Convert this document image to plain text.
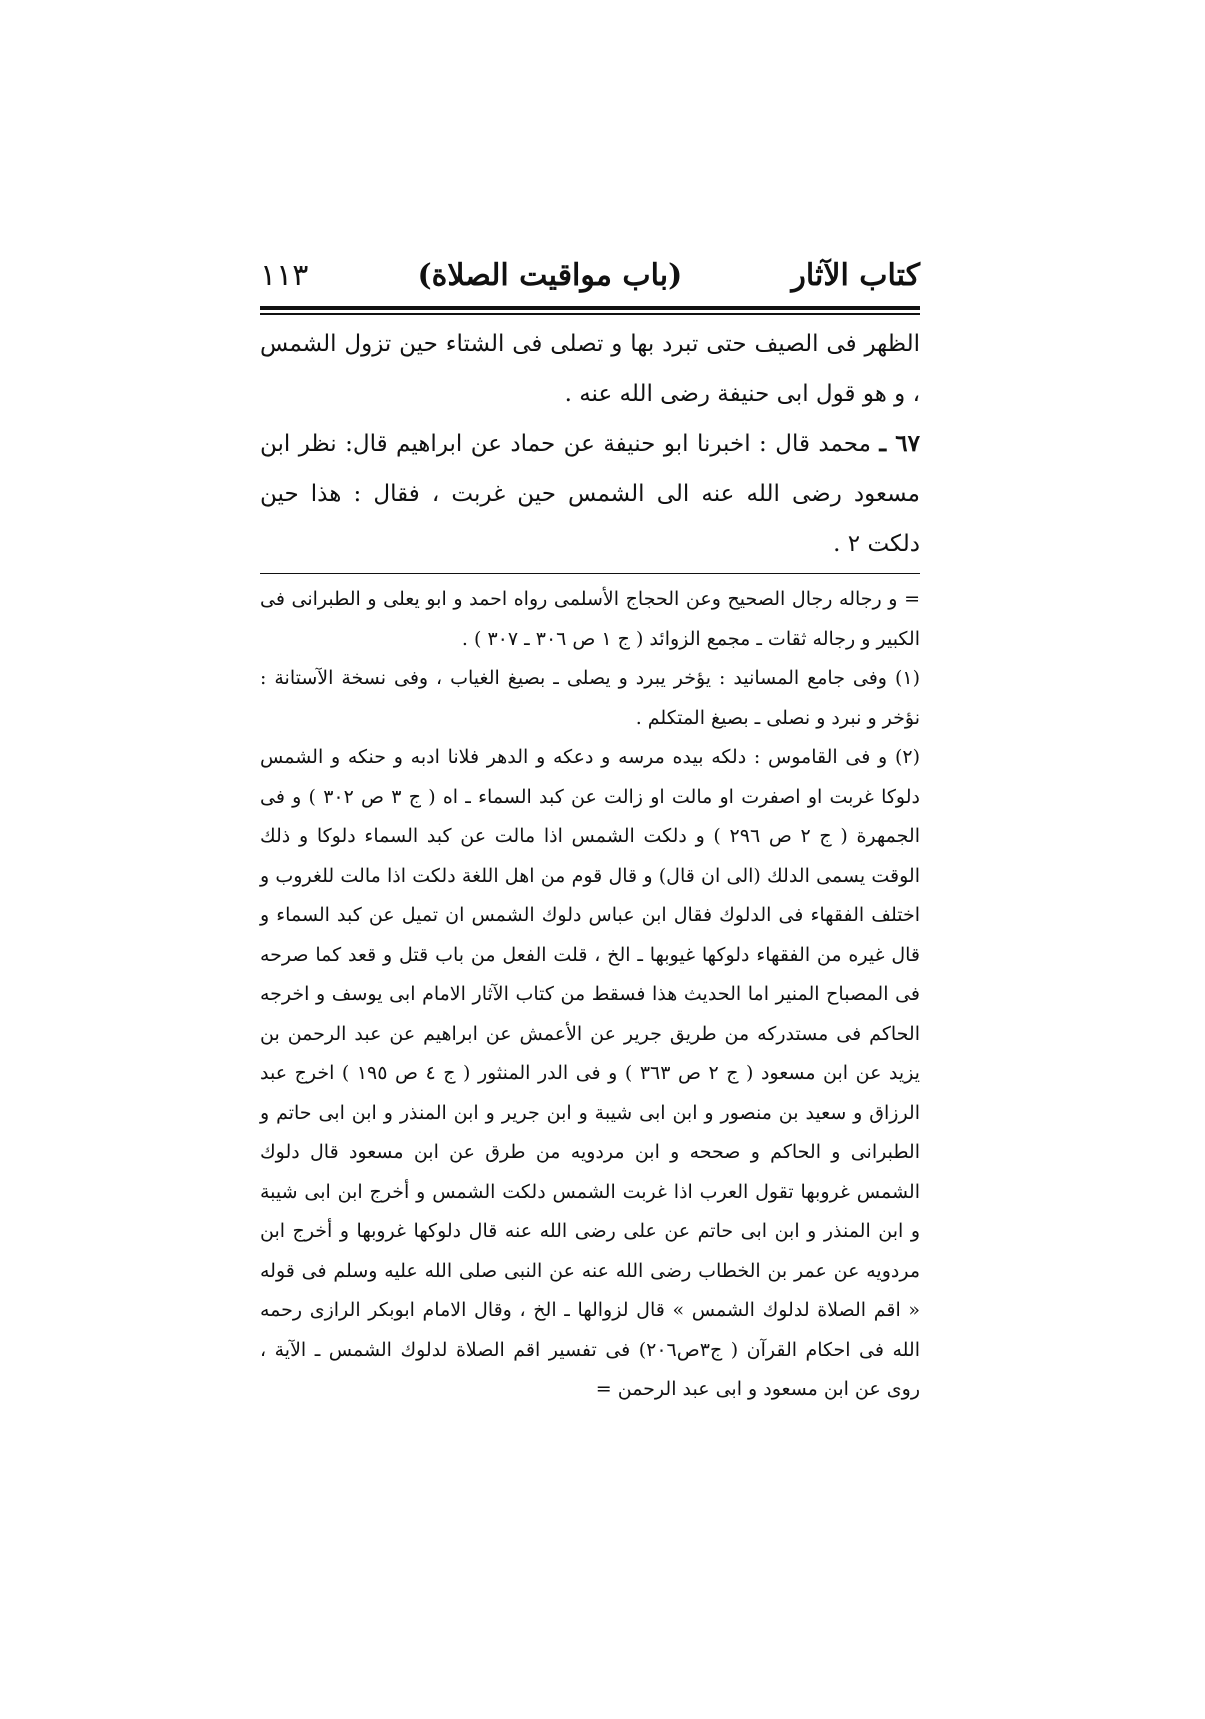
كتاب الآثار
(باب مواقيت الصلاة)
١١٣

الظهر فی الصیف حتی تبرد بها و تصلی فی الشتاء حین تزول الشمس ، و هو قول ابی حنیفة رضی الله عنه .

٦٧ ـ محمد قال : اخبرنا ابو حنیفة عن حماد عن ابراهیم قال: نظر ابن مسعود رضی الله عنه الی الشمس حین غربت ، فقال : هذا حین دلکت ٢ .

= و رجاله رجال الصحیح وعن الحجاج الأسلمی رواه احمد و ابو یعلی و الطبرانی فی الکبیر و رجاله ثقات ـ مجمع الزوائد ( ج ١ ص ٣٠٦ ـ ٣٠٧ ) .

(١) وفی جامع المسانید : یؤخر یبرد و یصلی ـ بصیغ الغیاب ، وفی نسخة الآستانة : نؤخر و نبرد و نصلی ـ بصیغ المتکلم .

(٢) و فی القاموس : دلکه بیده مرسه و دعکه و الدهر فلانا ادبه و حنکه و الشمس دلوکا غربت او اصفرت او مالت او زالت عن کبد السماء ـ اه ( ج ٣ ص ٣٠٢ ) و فی الجمهرة ( ج ٢ ص ٢٩٦ ) و دلکت الشمس اذا مالت عن کبد السماء دلوکا و ذلك الوقت یسمی الدلك (الی ان قال) و قال قوم من اهل اللغة دلکت اذا مالت للغروب و اختلف الفقهاء فی الدلوك فقال ابن عباس دلوك الشمس ان تمیل عن کبد السماء و قال غیره من الفقهاء دلوکها غیوبها ـ الخ ، قلت الفعل من باب قتل و قعد کما صرحه فی المصباح المنیر اما الحدیث هذا فسقط من کتاب الآثار الامام ابی یوسف و اخرجه الحاکم فی مستدرکه من طریق جریر عن الأعمش عن ابراهیم عن عبد الرحمن بن یزید عن ابن مسعود ( ج ٢ ص ٣٦٣ ) و فی الدر المنثور ( ج ٤ ص ١٩٥ ) اخرج عبد الرزاق و سعید بن منصور و ابن ابی شیبة و ابن جریر و ابن المنذر و ابن ابی حاتم و الطبرانی و الحاکم و صححه و ابن مردویه من طرق عن ابن مسعود قال دلوك الشمس غروبها تقول العرب اذا غربت الشمس دلکت الشمس و أخرج ابن ابی شیبة و ابن المنذر و ابن ابی حاتم عن علی رضی الله عنه قال دلوکها غروبها و أخرج ابن مردویه عن عمر بن الخطاب رضی الله عنه عن النبی صلی الله علیه وسلم فی قوله « اقم الصلاة لدلوك الشمس » قال لزوالها ـ الخ ، وقال الامام ابوبکر الرازی رحمه الله فی احکام القرآن ( ج٣ص٢٠٦) فی تفسیر اقم الصلاة لدلوك الشمس ـ الآیة ، روی عن ابن مسعود و ابی عبد الرحمن =
